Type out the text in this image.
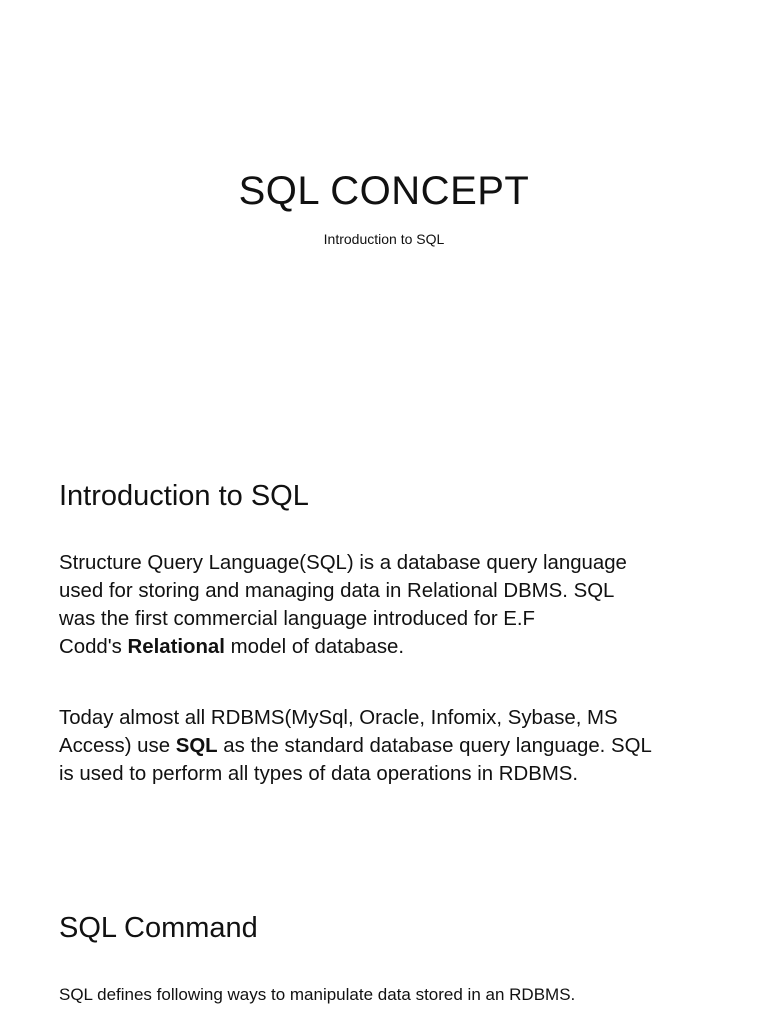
SQL CONCEPT

Introduction to SQL

Introduction to SQL

Structure Query Language(SQL) is a database query language
used for storing and managing data in Relational DBMS. SQL
was the first commercial language introduced for E.F
Codd's Relational model of database.

Today almost all RDBMS(MySql, Oracle, Infomix, Sybase, MS
Access) use SQL as the standard database query language. SQL
is used to perform all types of data operations in RDBMS.

SQL Command

SQL defines following ways to manipulate data stored in an RDBMS.
